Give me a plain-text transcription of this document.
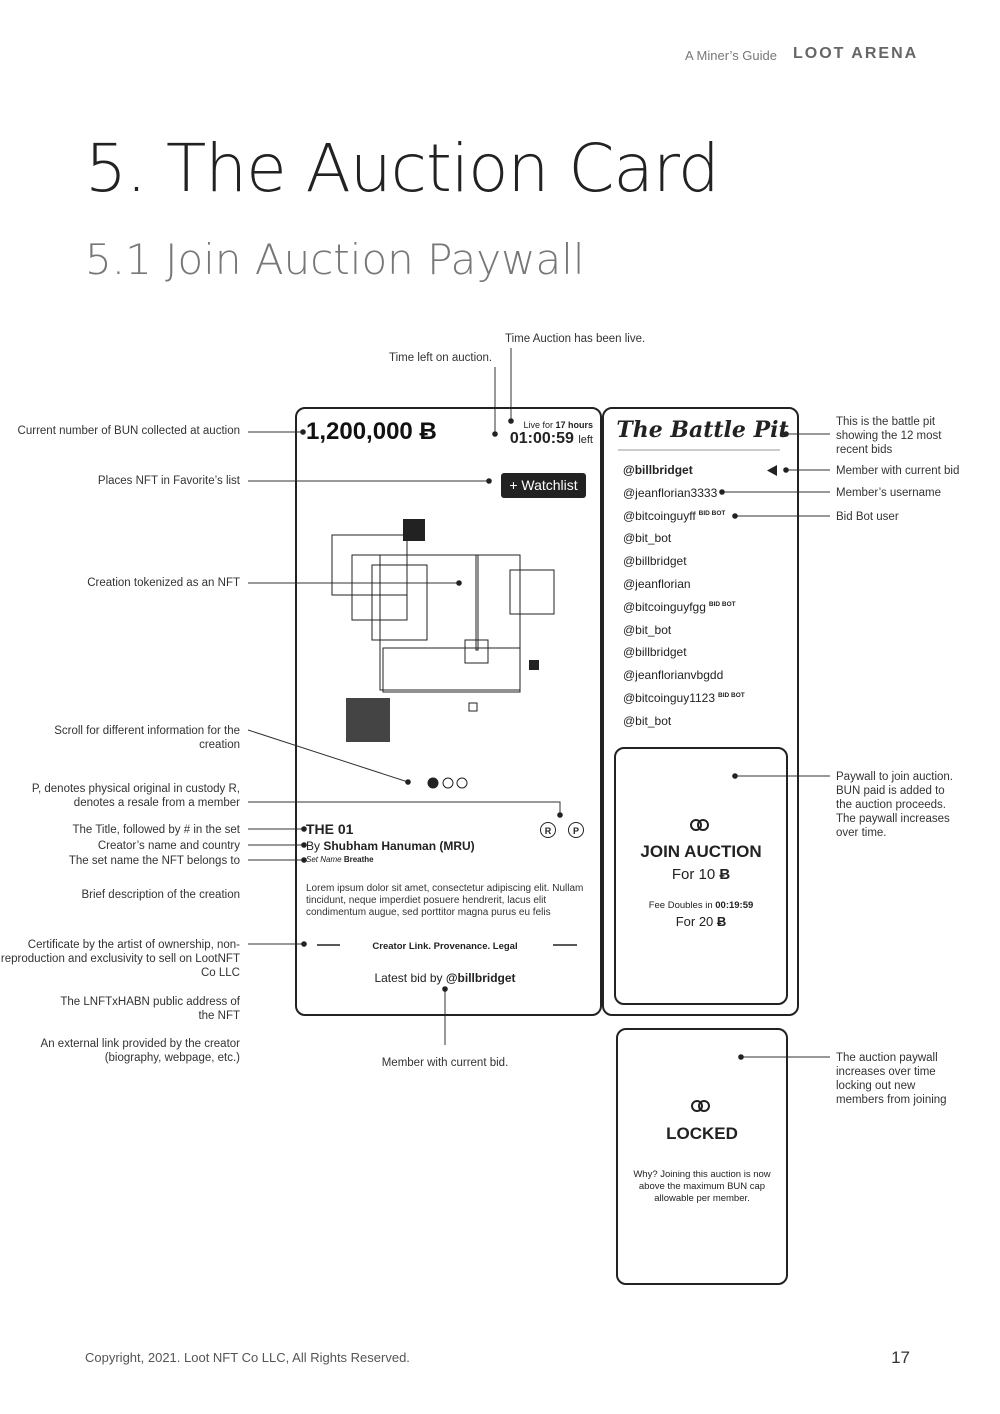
A Miner’s Guide LOOT ARENA
5. The Auction Card
5.1 Join Auction Paywall
Time Auction has been live.
Time left on auction.
Current number of BUN collected at auction
Places NFT in Favorite’s list
Creation tokenized as an NFT
Scroll for different information for the creation
P, denotes physical original in custody R, denotes a resale from a member
The Title, followed by # in the set
Creator’s name and country
The set name the NFT belongs to
Brief description of the creation
Certificate by the artist of ownership, non-reproduction and exclusivity to sell on LootNFT Co LLC
The LNFTxHABN public address of the NFT
An external link provided by the creator (biography, webpage, etc.)
This is the battle pit showing the 12 most recent bids
Member with current bid
Member’s username
Bid Bot user
Paywall to join auction. BUN paid is added to the auction proceeds. The paywall increases over time.
The auction paywall increases over time locking out new members from joining
Member with current bid.
1,200,000 Ƀ	Live for 17 hours
01:00:59 left
+ Watchlist
THE 01	R	P
By Shubham Hanuman (MRU)
Set Name Breathe
Lorem ipsum dolor sit amet, consectetur adipiscing elit. Nullam tincidunt, neque imperdiet posuere hendrerit, lacus elit condimentum augue, sed porttitor magna purus eu felis
Creator Link. Provenance. Legal
Latest bid by @billbridget
The Battle Pit
@billbridget
@jeanflorian3333
@bitcoinguyff $^{BID BOT}$
@bit_bot
@billbridget
@jeanflorian
@bitcoinguyfgg $^{BID BOT}$
@bit_bot
@billbridget
@jeanflorianvbgdd
@bitcoinguy1123 $^{BID BOT}$
@bit_bot
JOIN AUCTION
For 10 Ƀ
Fee Doubles in 00:19:59
For 20 Ƀ
LOCKED
Why? Joining this auction is now above the maximum BUN cap allowable per member.
Copyright, 2021. Loot NFT Co LLC, All Rights Reserved.	17
